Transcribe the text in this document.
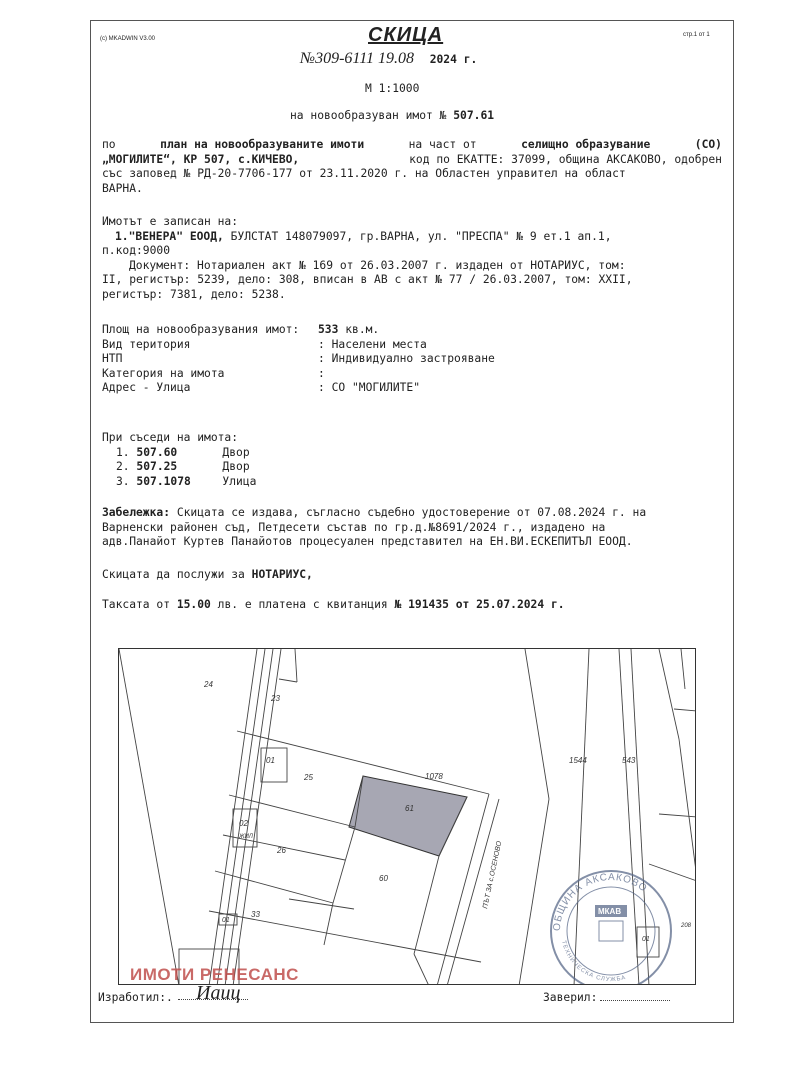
(c) MKADWIN V3.00
стр.1 от 1
СКИЦА
№309-6111 19.08 2024 г.
М 1:1000
на новообразуван имот № 507.61
по	план на новообразуваните имоти	на част от	селищно образувание	(СО)
„МОГИЛИТЕ“, КР 507, с.КИЧЕВО,	код по ЕКАТТЕ: 37099, община АКСАКОВО, одобрен
със заповед № РД-20-7706-177 от 23.11.2020 г. на Областен управител на област
ВАРНА.
Имотът е записан на:
1."ВЕНЕРА" ЕООД, БУЛСТАТ 148079097, гр.ВАРНА, ул. "ПРЕСПА" № 9 ет.1 ап.1,
п.код:9000
Документ: Нотариален акт № 169 от 26.03.2007 г. издаден от НОТАРИУС, том:
II, регистър: 5239, дело: 308, вписан в АВ с акт № 77 / 26.03.2007, том: XXII,
регистър: 7381, дело: 5238.
Площ на новообразувания имот: 533 кв.м.
Вид територия	: Населени места
НТП	: Индивидуално застрояване
Категория на имота	:
Адрес - Улица	: СО "МОГИЛИТЕ"
При съседи на имота:
1. 507.60	Двор
2. 507.25	Двор
3. 507.1078	Улица
Забележка: Скицата се издава, съгласно съдебно удостоверение от 07.08.2024 г. на
Варненски районен съд, Петдесети състав по гр.д.№8691/2024 г., издадено на
адв.Панайот Куртев Панайотов процесуален представител на ЕН.ВИ.ЕСКЕПИТЪЛ ЕООД.
Скицата да послужи за НОТАРИУС,
Таксата от 15.00 лв. е платена с квитанция № 191435 от 25.07.2024 г.
24
23
01
25	1078
61
02
ЖИЛ
26
60
01
33
1544	543
208
01
ПЪТ ЗА с.ОСЕНОВО
ОБЩИНА АКСАКОВО
ТЕХНИЧЕСКА СЛУЖБА
МКАВ
ИМОТИ РЕНЕСАНС
Изработил:. Иаиц	Заверил:
